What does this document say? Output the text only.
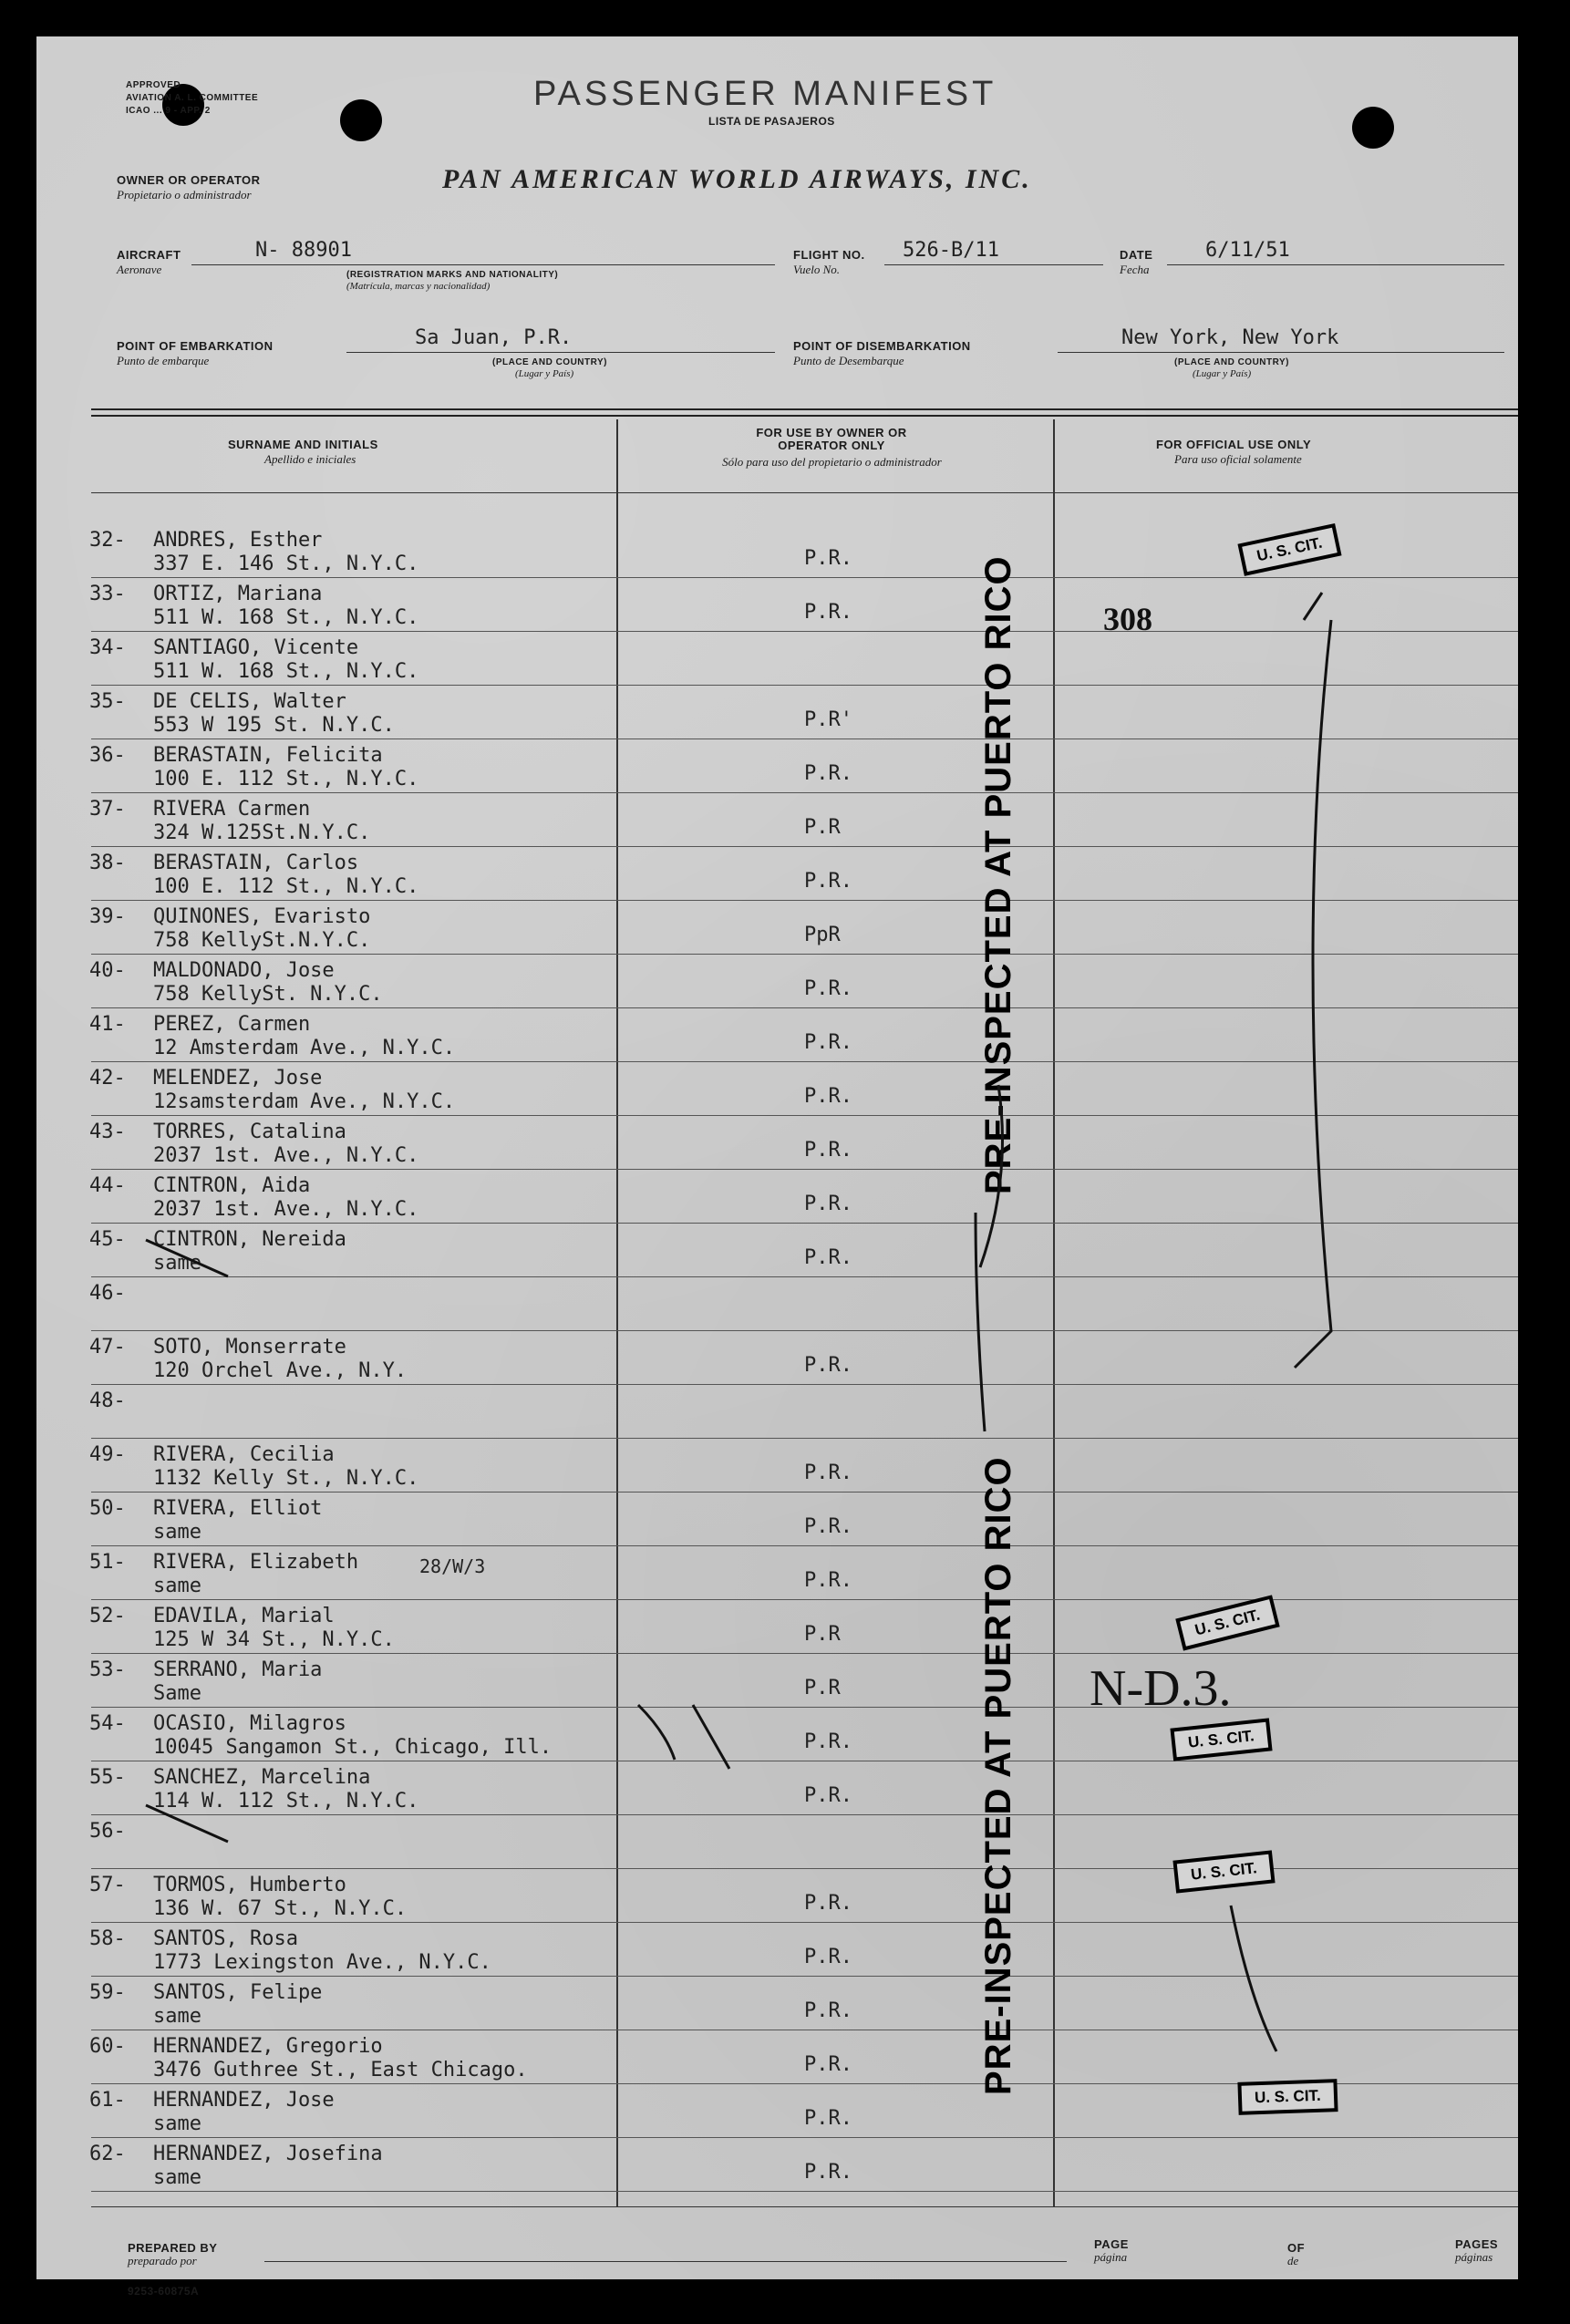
APPROVED
AVIATION A. L. COMMITTEE
ICAO ... 9 - APP. 2	PASSENGER MANIFEST
LISTA DE PASAJEROS
OWNER OR OPERATOR
Propietario o administrador
PAN AMERICAN WORLD AIRWAYS, INC.
AIRCRAFT
Aeronave
N- 88901
(REGISTRATION MARKS AND NATIONALITY)
(Matrícula, marcas y nacionalidad)
FLIGHT NO.
Vuelo No.
526-B/11	DATE
Fecha
6/11/51
POINT OF EMBARKATION
Punto de embarque
Sa Juan, P.R.
(PLACE AND COUNTRY)
(Lugar y País)
POINT OF DISEMBARKATION
Punto de Desembarque
New York, New York
(PLACE AND COUNTRY)
(Lugar y País)
SURNAME AND INITIALS
Apellido e iniciales
FOR USE BY OWNER OR OPERATOR ONLY
Sólo para uso del propietario o administrador
FOR OFFICIAL USE ONLY
Para uso oficial solamente
32- ANDRES, Esther
337 E. 146 St., N.Y.C.	P.R.
33- ORTIZ, Mariana
511 W. 168 St., N.Y.C.	P.R.
34- SANTIAGO, Vicente
511 W. 168 St., N.Y.C.
35- DE CELIS, Walter
553 W 195 St. N.Y.C.	P.R'
36- BERASTAIN, Felicita
100 E. 112 St., N.Y.C.	P.R.
37- RIVERA Carmen
324 W.125St.N.Y.C.	P.R
38- BERASTAIN, Carlos
100 E. 112 St., N.Y.C.	P.R.
39- QUINONES, Evaristo
758 KellySt.N.Y.C.	PpR
40- MALDONADO, Jose
758 KellySt. N.Y.C.	P.R.
41- PEREZ, Carmen
12 Amsterdam Ave., N.Y.C.	P.R.
42- MELENDEZ, Jose
12samsterdam Ave., N.Y.C.	P.R.
43- TORRES, Catalina
2037 1st. Ave., N.Y.C.	P.R.
44- CINTRON, Aida
2037 1st. Ave., N.Y.C.	P.R.
45- CINTRON, Nereida
same	P.R.
46-
47- SOTO, Monserrate
120 Orchel Ave., N.Y.	P.R.
48-
49- RIVERA, Cecilia
1132 Kelly St., N.Y.C.	P.R.
50- RIVERA, Elliot
same	P.R.
51- RIVERA, Elizabeth
same	P.R.
52- EDAVILA, Marial
125 W 34 St., N.Y.C.	P.R
53- SERRANO, Maria
Same	P.R
54- OCASIO, Milagros
10045 Sangamon St., Chicago, Ill.	P.R.
55- SANCHEZ, Marcelina
114 W. 112 St., N.Y.C.	P.R.
56-
57- TORMOS, Humberto
136 W. 67 St., N.Y.C.	P.R.
58- SANTOS, Rosa
1773 Lexingston Ave., N.Y.C.	P.R.
59- SANTOS, Felipe
same	P.R.
60- HERNANDEZ, Gregorio
3476 Guthree St., East Chicago.	P.R.
61- HERNANDEZ, Jose
same	P.R.
62- HERNANDEZ, Josefina
same	P.R.
PRE-INSPECTED AT PUERTO RICO
PRE-INSPECTED AT PUERTO RICO
308
N-D.3.
28/W/3
U. S. CIT.
U. S. CIT.
U. S. CIT.
U. S. CIT.
U. S. CIT.
PREPARED BY
preparado por
PAGE
página
OF
de
PAGES
páginas
9253-60875A
